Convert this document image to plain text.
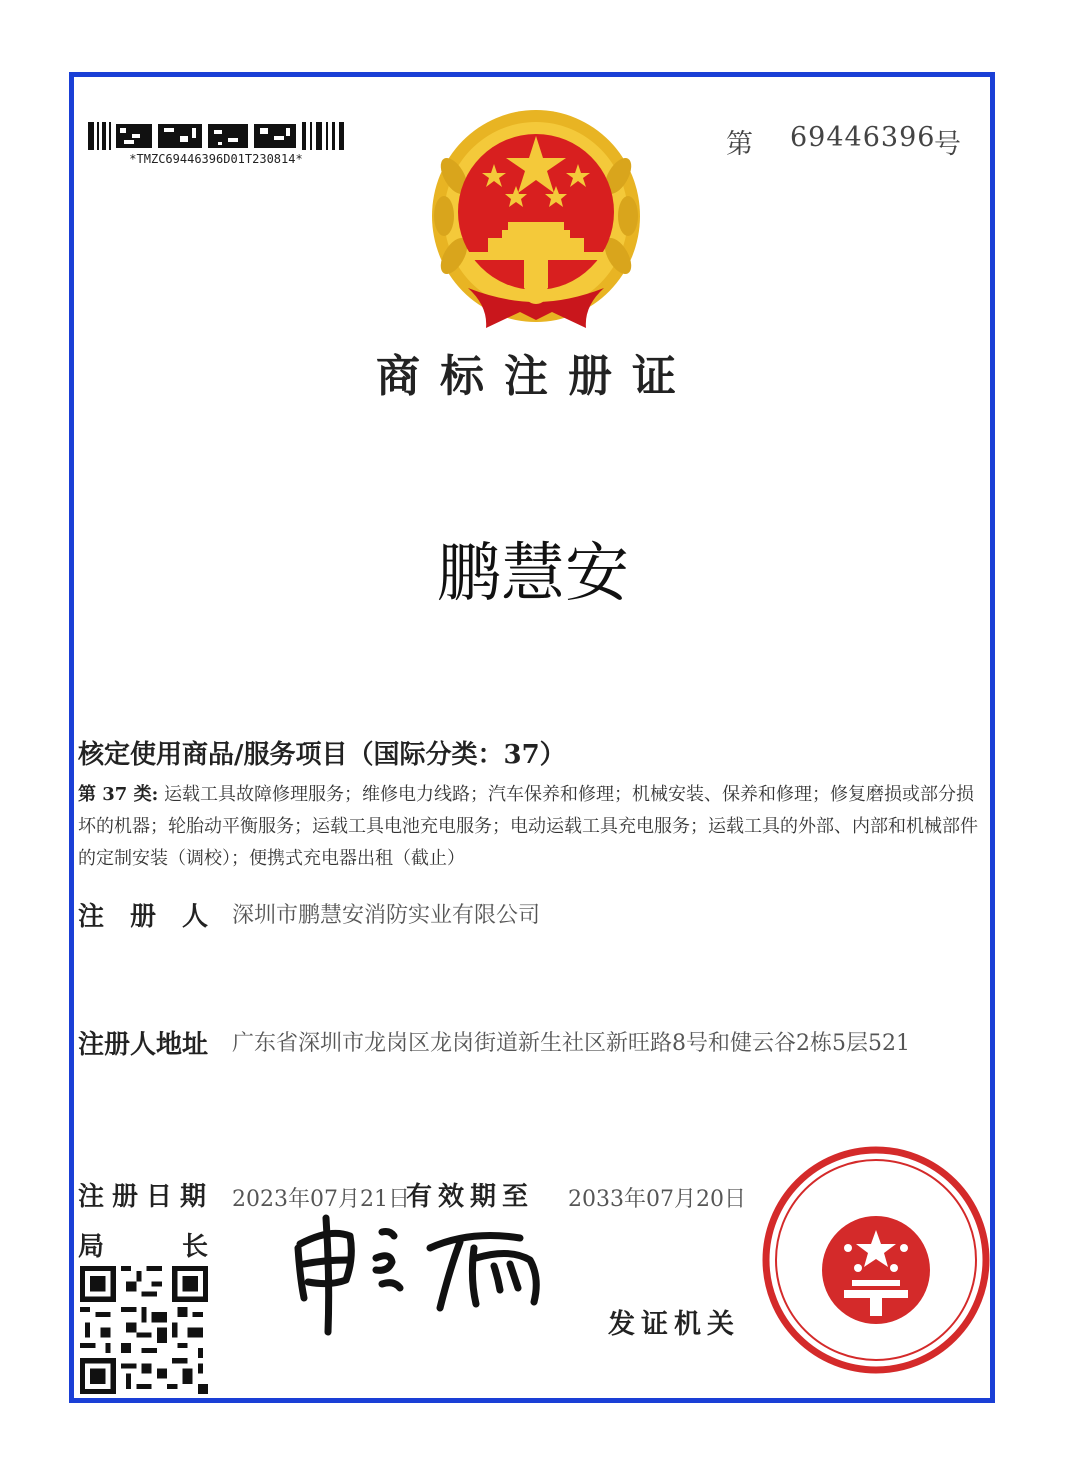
*TMZC69446396D01T230814*	第 69446396
号
商标注册证
鹏慧安
核定使用商品/服务项目（国际分类：37）
第 37 类: 运载工具故障修理服务；维修电力线路；汽车保养和修理；机械安装、保养和修理；修复磨损或部分损坏的机器；轮胎动平衡服务；运载工具电池充电服务；电动运载工具充电服务；运载工具的外部、内部和机械部件的定制安装（调校）；便携式充电器出租（截止）
注　册　人 深圳市鹏慧安消防实业有限公司
注册人地址 广东省深圳市龙岗区龙岗街道新生社区新旺路8号和健云谷2栋5层521
注册日期 2023年07月21日
有效期至 2033年07月20日
局　　　长
发证机关
